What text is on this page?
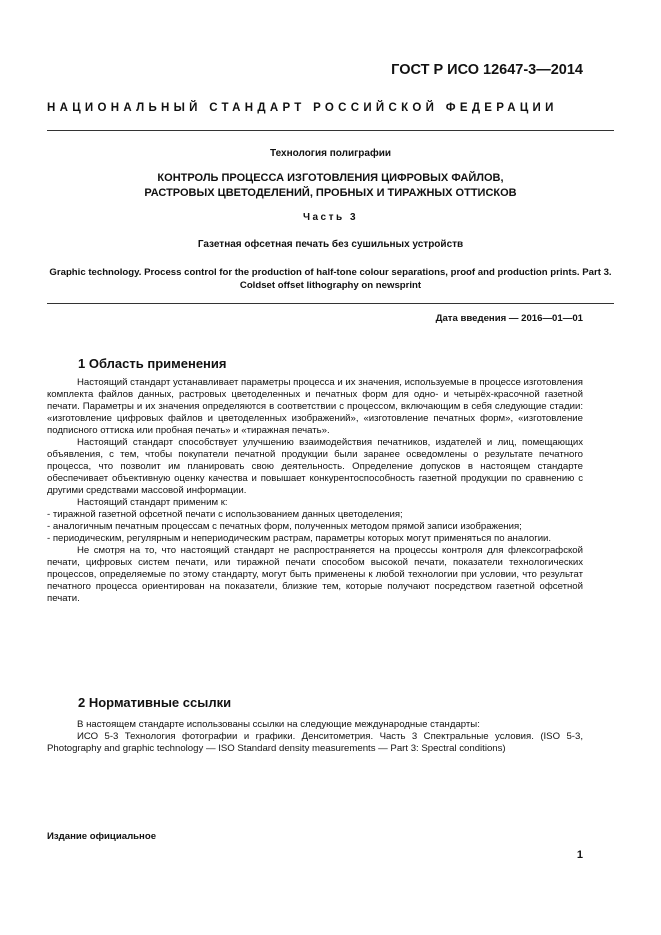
ГОСТ Р ИСО 12647-3—2014
НАЦИОНАЛЬНЫЙ СТАНДАРТ РОССИЙСКОЙ ФЕДЕРАЦИИ
Технология полиграфии
КОНТРОЛЬ ПРОЦЕССА ИЗГОТОВЛЕНИЯ ЦИФРОВЫХ ФАЙЛОВ,
РАСТРОВЫХ ЦВЕТОДЕЛЕНИЙ, ПРОБНЫХ И ТИРАЖНЫХ ОТТИСКОВ
Часть 3
Газетная офсетная печать без сушильных устройств
Graphic technology. Process control for the production of half-tone colour separations, proof and production prints. Part 3. Coldset offset lithography on newsprint
Дата введения — 2016—01—01
1 Область применения

Настоящий стандарт устанавливает параметры процесса и их значения, используемые в процессе изготовления комплекта файлов данных, растровых цветоделенных и печатных форм для одно- и четырёх-красочной газетной печати. Параметры и их значения определяются в соответствии с процессом, включающим в себя следующие стадии: «изготовление цифровых файлов и цветоделенных изображений», «изготовление печатных форм», «изготовление подписного оттиска или пробная печать» и «тиражная печать».

Настоящий стандарт способствует улучшению взаимодействия печатников, издателей и лиц, помещающих объявления, с тем, чтобы покупатели печатной продукции были заранее осведомлены о результате печатного процесса, что позволит им планировать свою деятельность. Определение допусков в настоящем стандарте обеспечивает объективную оценку качества и повышает конкурентоспособность газетной продукции по сравнению с другими средствами массовой информации.

Настоящий стандарт применим к:

- тиражной газетной офсетной печати с использованием данных цветоделения;

- аналогичным печатным процессам с печатных форм, полученных методом прямой записи изображения;

- периодическим, регулярным и непериодическим растрам, параметры которых могут применяться по аналогии.

Не смотря на то, что настоящий стандарт не распространяется на процессы контроля для флексографской печати, цифровых систем печати, или тиражной печати способом высокой печати, показатели технологических процессов, определяемые по этому стандарту, могут быть применены к любой технологии при условии, что результат печатного процесса ориентирован на показатели, близкие тем, которые получают посредством газетной офсетной печати.

2 Нормативные ссылки

В настоящем стандарте использованы ссылки на следующие международные стандарты:

ИСО 5-3 Технология фотографии и графики. Денситометрия. Часть 3 Спектральные условия. (ISO 5-3, Photography and graphic technology — ISO Standard density measurements — Part 3: Spectral conditions)

Издание официальное
1
